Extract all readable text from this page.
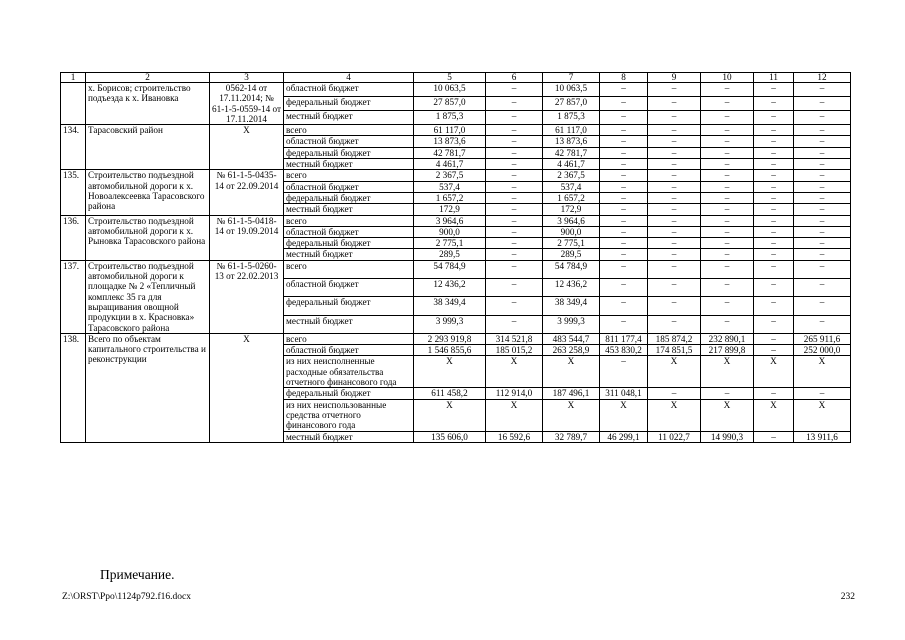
1	2	3	4	5	6	7	8	9	10	11	12
	х. Борисов; строительство подъезда к х. Ивановка	0562-14 от 17.11.2014; № 61-1-5-0559-14 от 17.11.2014	областной бюджет	10 063,5	–	10 063,5	–	–	–	–	–
			федеральный бюджет	27 857,0	–	27 857,0	–	–	–	–	–
			местный бюджет	1 875,3	–	1 875,3	–	–	–	–	–
134.	Тарасовский район	X	всего	61 117,0	–	61 117,0	–	–	–	–	–
			областной бюджет	13 873,6	–	13 873,6	–	–	–	–	–
			федеральный бюджет	42 781,7	–	42 781,7	–	–	–	–	–
			местный бюджет	4 461,7	–	4 461,7	–	–	–	–	–
135.	Строительство подъездной автомобильной дороги к х. Новоалексеевка Тарасовского района	№ 61-1-5-0435-14 от 22.09.2014	всего	2 367,5	–	2 367,5	–	–	–	–	–
			областной бюджет	537,4	–	537,4	–	–	–	–	–
			федеральный бюджет	1 657,2	–	1 657,2	–	–	–	–	–
			местный бюджет	172,9	–	172,9	–	–	–	–	–
136.	Строительство подъездной автомобильной дороги к х. Рыновка Тарасовского района	№ 61-1-5-0418-14 от 19.09.2014	всего	3 964,6	–	3 964,6	–	–	–	–	–
			областной бюджет	900,0	–	900,0	–	–	–	–	–
			федеральный бюджет	2 775,1	–	2 775,1	–	–	–	–	–
			местный бюджет	289,5	–	289,5	–	–	–	–	–
137.	Строительство подъездной автомобильной дороги к площадке № 2 «Тепличный комплекс 35 га для выращивания овощной продукции в х. Красновка» Тарасовского района	№ 61-1-5-0260-13 от 22.02.2013	всего	54 784,9	–	54 784,9	–	–	–	–	–
			областной бюджет	12 436,2	–	12 436,2	–	–	–	–	–
			федеральный бюджет	38 349,4	–	38 349,4	–	–	–	–	–
			местный бюджет	3 999,3	–	3 999,3	–	–	–	–	–
138.	Всего по объектам капитального строительства и реконструкции	X	всего	2 293 919,8	314 521,8	483 544,7	811 177,4	185 874,2	232 890,1	–	265 911,6
			областной бюджет	1 546 855,6	185 015,2	263 258,9	453 830,2	174 851,5	217 899,8	–	252 000,0
			из них неисполненные расходные обязательства отчетного финансового года	X	X	X	–	X	X	X	X
			федеральный бюджет	611 458,2	112 914,0	187 496,1	311 048,1	–	–	–	–
			из них неиспользованные средства отчетного финансового года	X	X	X	X	X	X	X	X
			местный бюджет	135 606,0	16 592,6	32 789,7	46 299,1	11 022,7	14 990,3	–	13 911,6
Примечание.
Z:\ORST\Ppo\1124p792.f16.docx	232
